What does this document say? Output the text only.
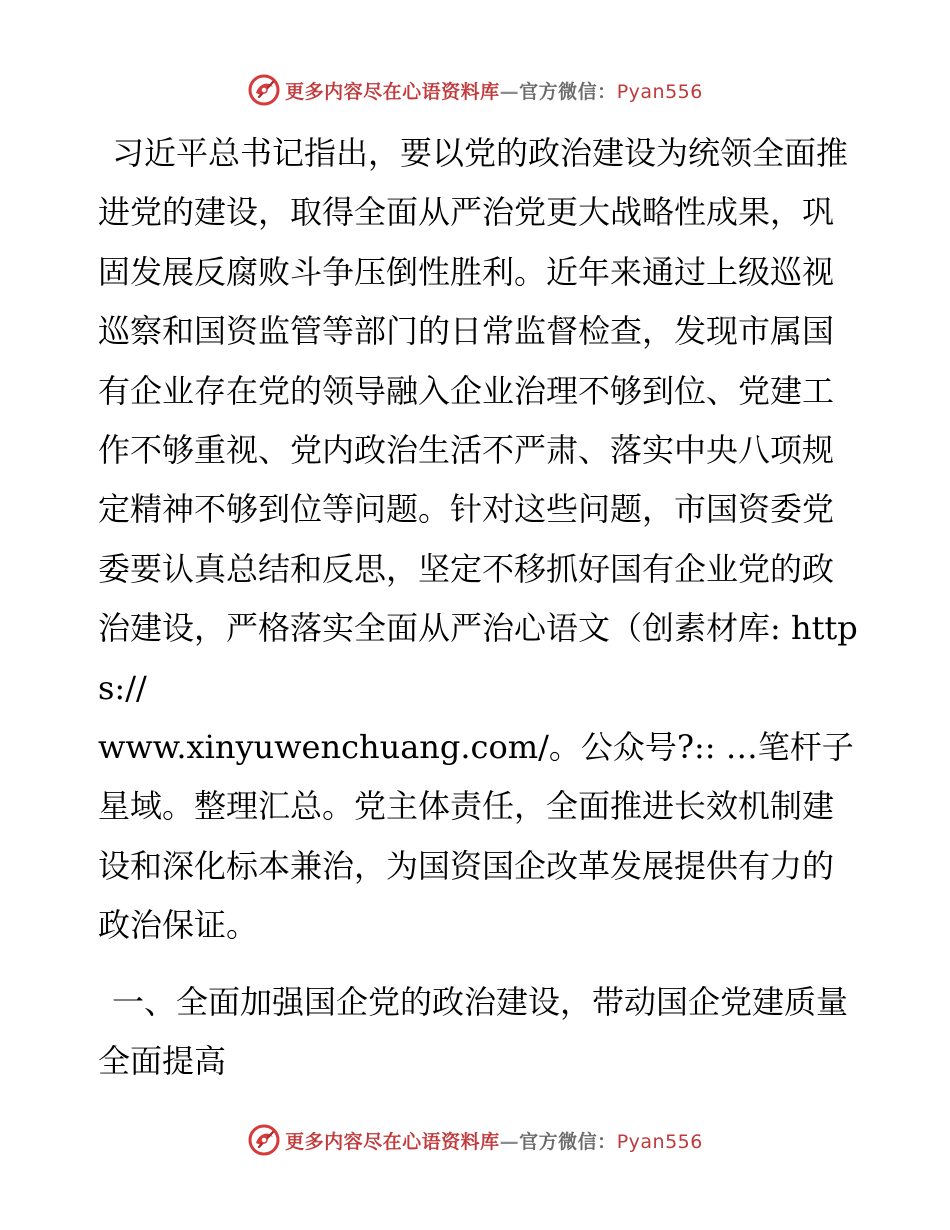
更多内容尽在心语资料库—官方微信：Pyan556

习近平总书记指出，要以党的政治建设为统领全面推进党的建设，取得全面从严治党更大战略性成果，巩固发展反腐败斗争压倒性胜利。近年来通过上级巡视巡察和国资监管等部门的日常监督检查，发现市属国有企业存在党的领导融入企业治理不够到位、党建工作不够重视、党内政治生活不严肃、落实中央八项规定精神不够到位等问题。针对这些问题，市国资委党委要认真总结和反思，坚定不移抓好国有企业党的政治建设，严格落实全面从严治心语文（创素材库: https://

www.xinyuwenchuang.com/。公众号?:: …笔杆子星域。整理汇总。党主体责任，全面推进长效机制建设和深化标本兼治，为国资国企改革发展提供有力的政治保证。

一、全面加强国企党的政治建设，带动国企党建质量全面提高

更多内容尽在心语资料库—官方微信：Pyan556
